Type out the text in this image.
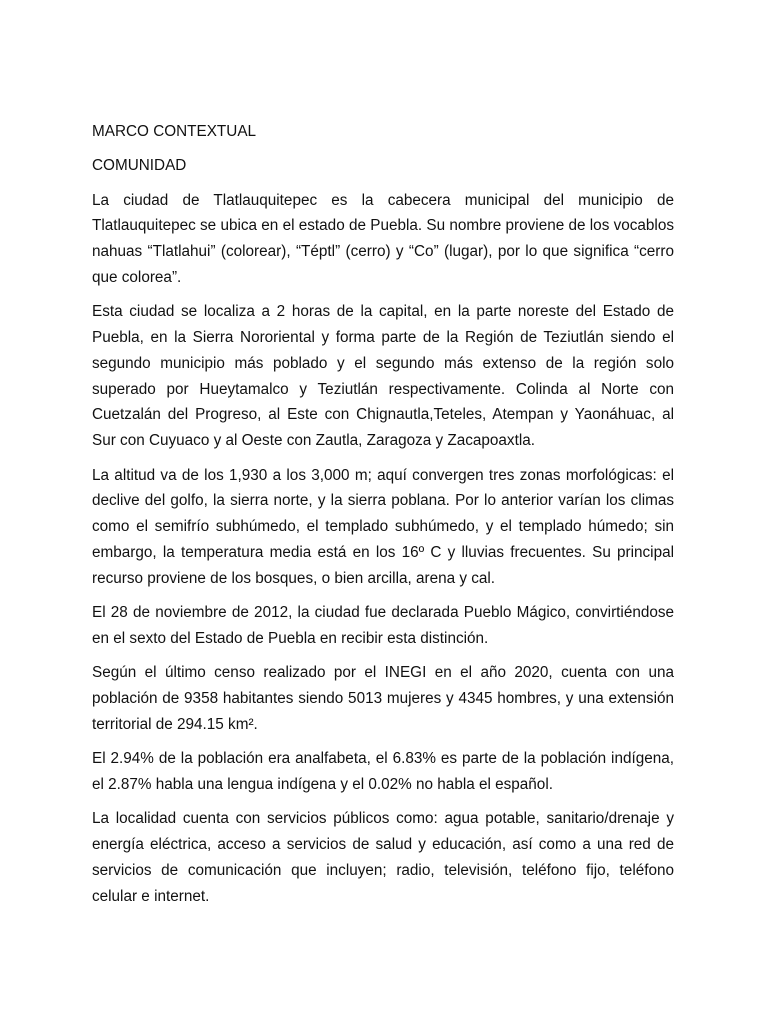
MARCO CONTEXTUAL

COMUNIDAD

La ciudad de Tlatlauquitepec es la cabecera municipal del municipio de Tlatlauquitepec se ubica en el estado de Puebla. Su nombre proviene de los vocablos nahuas “Tlatlahui” (colorear), “Téptl” (cerro) y “Co” (lugar), por lo que significa “cerro que colorea”.

Esta ciudad se localiza a 2 horas de la capital, en la parte noreste del Estado de Puebla, en la Sierra Nororiental y forma parte de la Región de Teziutlán siendo el segundo municipio más poblado y el segundo más extenso de la región solo superado por Hueytamalco y Teziutlán respectivamente. Colinda al Norte con Cuetzalán del Progreso, al Este con Chignautla,Teteles, Atempan y Yaonáhuac, al Sur con Cuyuaco y al Oeste con Zautla, Zaragoza y Zacapoaxtla.

La altitud va de los 1,930 a los 3,000 m; aquí convergen tres zonas morfológicas: el declive del golfo, la sierra norte, y la sierra poblana. Por lo anterior varían los climas como el semifrío subhúmedo, el templado subhúmedo, y el templado húmedo; sin embargo, la temperatura media está en los 16º C y lluvias frecuentes. Su principal recurso proviene de los bosques, o bien arcilla, arena y cal.

El 28 de noviembre de 2012, la ciudad fue declarada Pueblo Mágico, convirtiéndose en el sexto del Estado de Puebla en recibir esta distinción.

Según el último censo realizado por el INEGI en el año 2020, cuenta con una población de 9358 habitantes siendo 5013 mujeres y 4345 hombres, y una extensión territorial de 294.15 km².

El 2.94% de la población era analfabeta, el 6.83% es parte de la población indígena, el 2.87% habla una lengua indígena y el 0.02% no habla el español.

La localidad cuenta con servicios públicos como: agua potable, sanitario/drenaje y energía eléctrica, acceso a servicios de salud y educación, así como a una red de servicios de comunicación que incluyen; radio, televisión, teléfono fijo, teléfono celular e internet.
